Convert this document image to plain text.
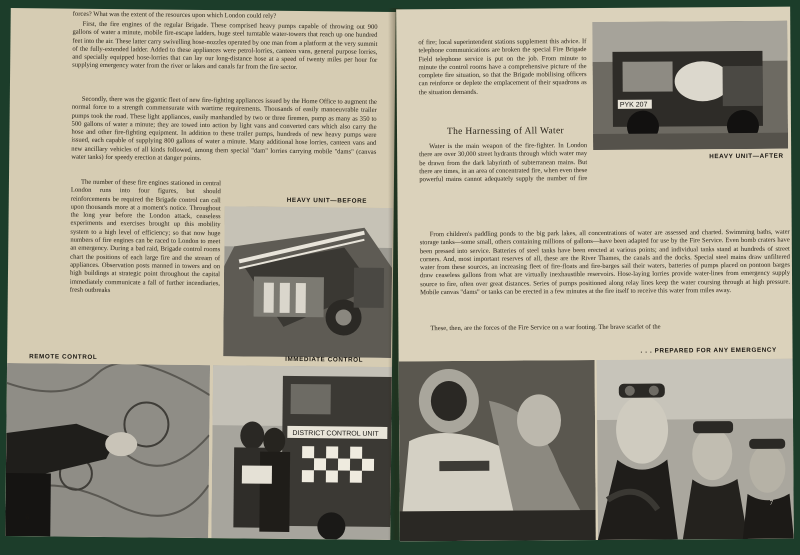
forces? What was the extent of the resources upon which London could rely?

First, the fire engines of the regular Brigade. These comprised heavy pumps capable of throwing out 900 gallons of water a minute, mobile fire-escape ladders, huge steel turntable water-towers that reach up one hundred feet into the air. These latter carry swivelling hose-nozzles operated by one man from a platform at the very summit of the fully-extended ladder. Added to these appliances were petrol-lorries, canteen vans, general purpose lorries, and specially equipped hose-lorries that can lay our long-distance hose at a speed of twenty miles per hour for supplying emergency water from the river or lakes and canals far from the fire sector.

Secondly, there was the gigantic fleet of new fire-fighting appliances issued by the Home Office to augment the normal force to a strength commensurate with wartime requirements. Thousands of easily manoeuvrable trailer pumps took the road. These light appliances, easily manhandled by two or three firemen, pump as many as 350 to 500 gallons of water a minute; they are towed into action by light vans and converted cars which also carry the hose and other fire-fighting equipment. In addition to these trailer pumps, hundreds of new heavy pumps were issued, each capable of supplying 800 gallons of water a minute. Many additional hose lorries, canteen vans and new ancillary vehicles of all kinds followed, among them special "dam" lorries carrying mobile "dams" (canvas water tanks) for speedy erection at danger points.

The number of these fire engines stationed in central London runs into four figures, but should reinforcements be required the Brigade control can call upon thousands more at a moment's notice. Throughout the long year before the London attack, ceaseless experiments and exercises brought up this mobility system to a high level of efficiency; so that now huge numbers of fire engines can be raced to London to meet an emergency. During a bad raid, Brigade control rooms chart the positions of each large fire and the stream of appliances. Observation posts manned in towers and on high buildings at strategic point throughout the capital immediately communicate a fall of further incendiaries, fresh outbreaks

HEAVY UNIT—BEFORE
REMOTE CONTROL	IMMEDIATE CONTROL
DISTRICT CONTROL UNIT
6

of fire; local superintendent stations supplement this advice. If telephone communications are broken the special Fire Brigade Field telephone service is put on the job. From minute to minute the control rooms have a comprehensive picture of the complete fire situation, so that the Brigade mobilising officers can reinforce or deplete the emplacement of their squadrons as the situation demands.

PYK 207
HEAVY UNIT—AFTER
The Harnessing of All Water

Water is the main weapon of the fire-fighter. In London there are over 30,000 street hydrants through which water may be drawn from the dark labyrinth of subterranean mains. But there are times, in an area of concentrated fire, when even these powerful mains cannot adequately supply the number of fire

From children's paddling ponds to the big park lakes, all concentrations of water are assessed and charted. Swimming baths, water storage tanks—some small, others containing millions of gallons—have been adapted for use by the Fire Service. Even bomb craters have been pressed into service. Batteries of steel tanks have been erected at various points; and individual tanks stand at hundreds of street corners. And, most important reserves of all, these are the River Thames, the canals and the docks. Special steel mains draw unfiltered water from these sources, an increasing fleet of fire-floats and fire-barges sail their waters, batteries of pumps placed on pontoon barges draw ceaseless gallons from what are virtually inexhaustible reservoirs. Hose-laying lorries provide water-lines from emergency supply source to fire, often over great distances. Series of pumps positioned along relay lines keep the water coursing through at high pressure. Mobile canvas "dams" or tanks can be erected in a few minutes at the fire itself to receive this water from miles away.

These, then, are the forces of the Fire Service on a war footing. The brave scarlet of the

. . . PREPARED FOR ANY EMERGENCY
7
